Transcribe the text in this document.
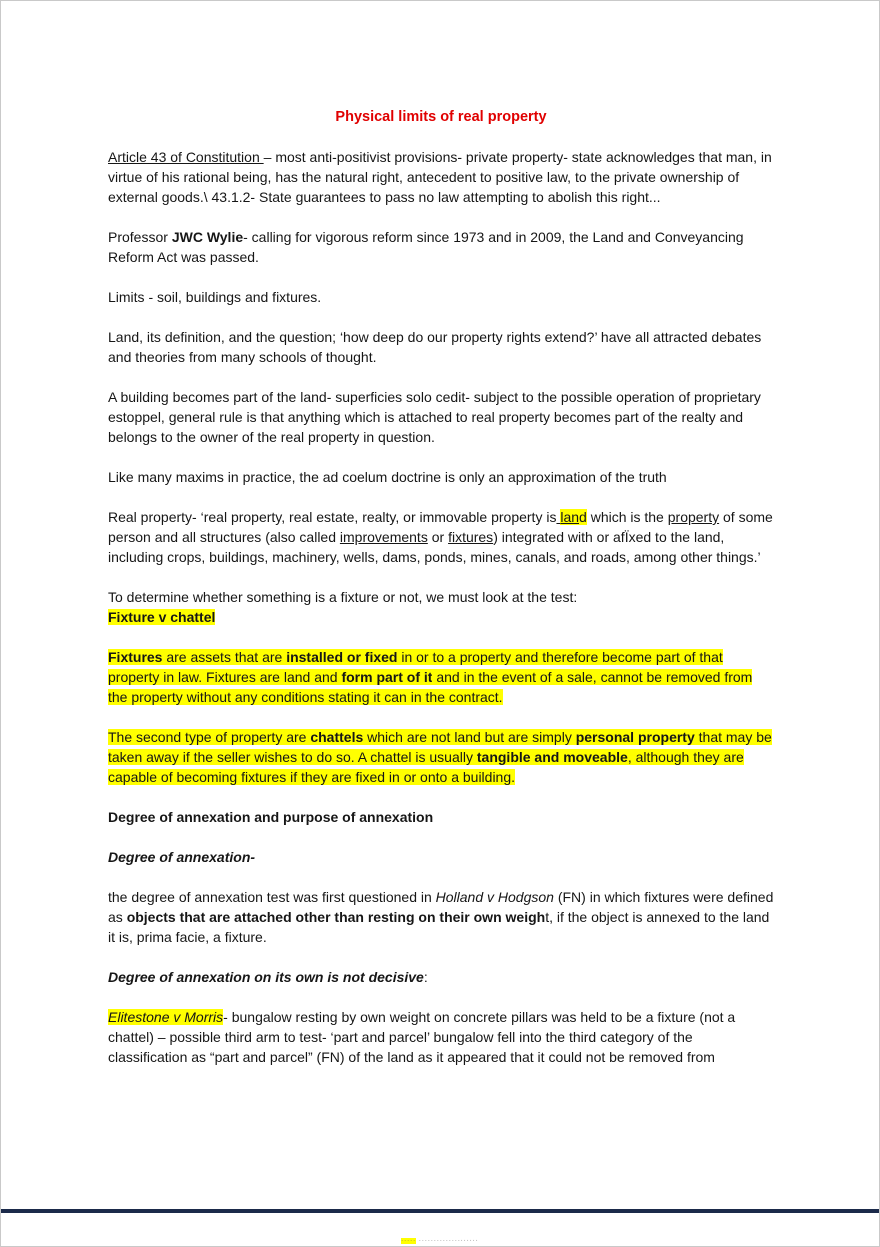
Physical limits of real property

Article 43 of Constitution – most anti-positivist provisions- private property- state acknowledges that man, in virtue of his rational being, has the natural right, antecedent to positive law, to the private ownership of external goods.\ 43.1.2- State guarantees to pass no law attempting to abolish this right...

Professor JWC Wylie- calling for vigorous reform since 1973 and in 2009, the Land and Conveyancing Reform Act was passed.

Limits - soil, buildings and fixtures.

Land, its definition, and the question; ‘how deep do our property rights extend?’ have all attracted debates and theories from many schools of thought.

A building becomes part of the land- superficies solo cedit- subject to the possible operation of proprietary estoppel, general rule is that anything which is attached to real property becomes part of the realty and belongs to the owner of the real property in question.

Like many maxims in practice, the ad coelum doctrine is only an approximation of the truth

Real property- ‘real property, real estate, realty, or immovable property is land which is the property of some person and all structures (also called improvements or fixtures) integrated with or afÏxed to the land, including crops, buildings, machinery, wells, dams, ponds, mines, canals, and roads, among other things.’

To determine whether something is a fixture or not, we must look at the test:

Fixture v chattel

Fixtures are assets that are installed or fixed in or to a property and therefore become part of that property in law. Fixtures are land and form part of it and in the event of a sale, cannot be removed from the property without any conditions stating it can in the contract.

The second type of property are chattels which are not land but are simply personal property that may be taken away if the seller wishes to do so. A chattel is usually tangible and moveable, although they are capable of becoming fixtures if they are fixed in or onto a building.

Degree of annexation and purpose of annexation

Degree of annexation-

the degree of annexation test was first questioned in Holland v Hodgson (FN) in which fixtures were defined as objects that are attached other than resting on their own weight, if the object is annexed to the land it is, prima facie, a fixture.

Degree of annexation on its own is not decisive:

Elitestone v Morris- bungalow resting by own weight on concrete pillars was held to be a fixture (not a chattel) – possible third arm to test- ‘part and parcel’ bungalow fell into the third category of the classification as “part and parcel” (FN) of the land as it appeared that it could not be removed from

····· ····················
